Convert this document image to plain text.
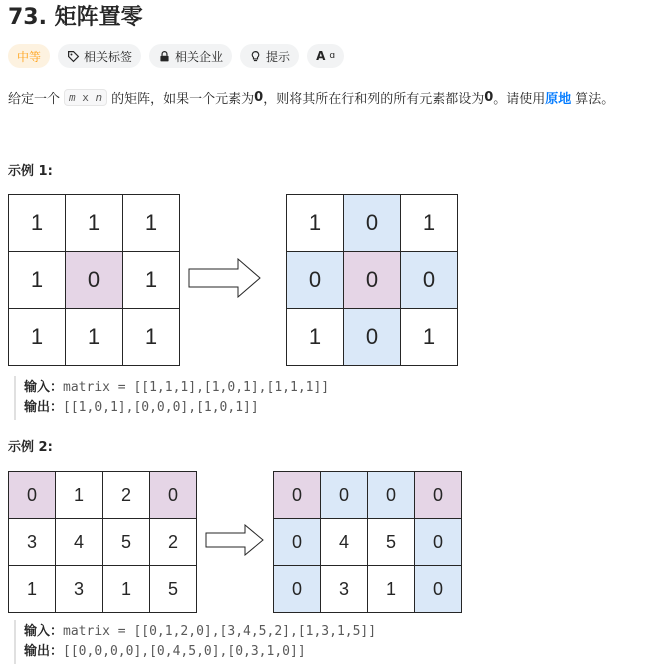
73. 矩阵置零
中等	相关标签	相关企业	提示 A ɑ
给定一个 m x n 的矩阵，如果一个元素为 0 ，则将其所在行和列的所有元素都设为 0 。请使用 原地 算法。
示例 1:
1	1	1
1	0	1
1	1	1
1	0	1
0	0	0
1	0	1
输入：matrix = [[1,1,1],[1,0,1],[1,1,1]]
输出：[[1,0,1],[0,0,0],[1,0,1]]
示例 2:
0	1	2	0
3	4	5	2
1	3	1	5
0	0	0	0
0	4	5	0
0	3	1	0
输入：matrix = [[0,1,2,0],[3,4,5,2],[1,3,1,5]]
输出：[[0,0,0,0],[0,4,5,0],[0,3,1,0]]
